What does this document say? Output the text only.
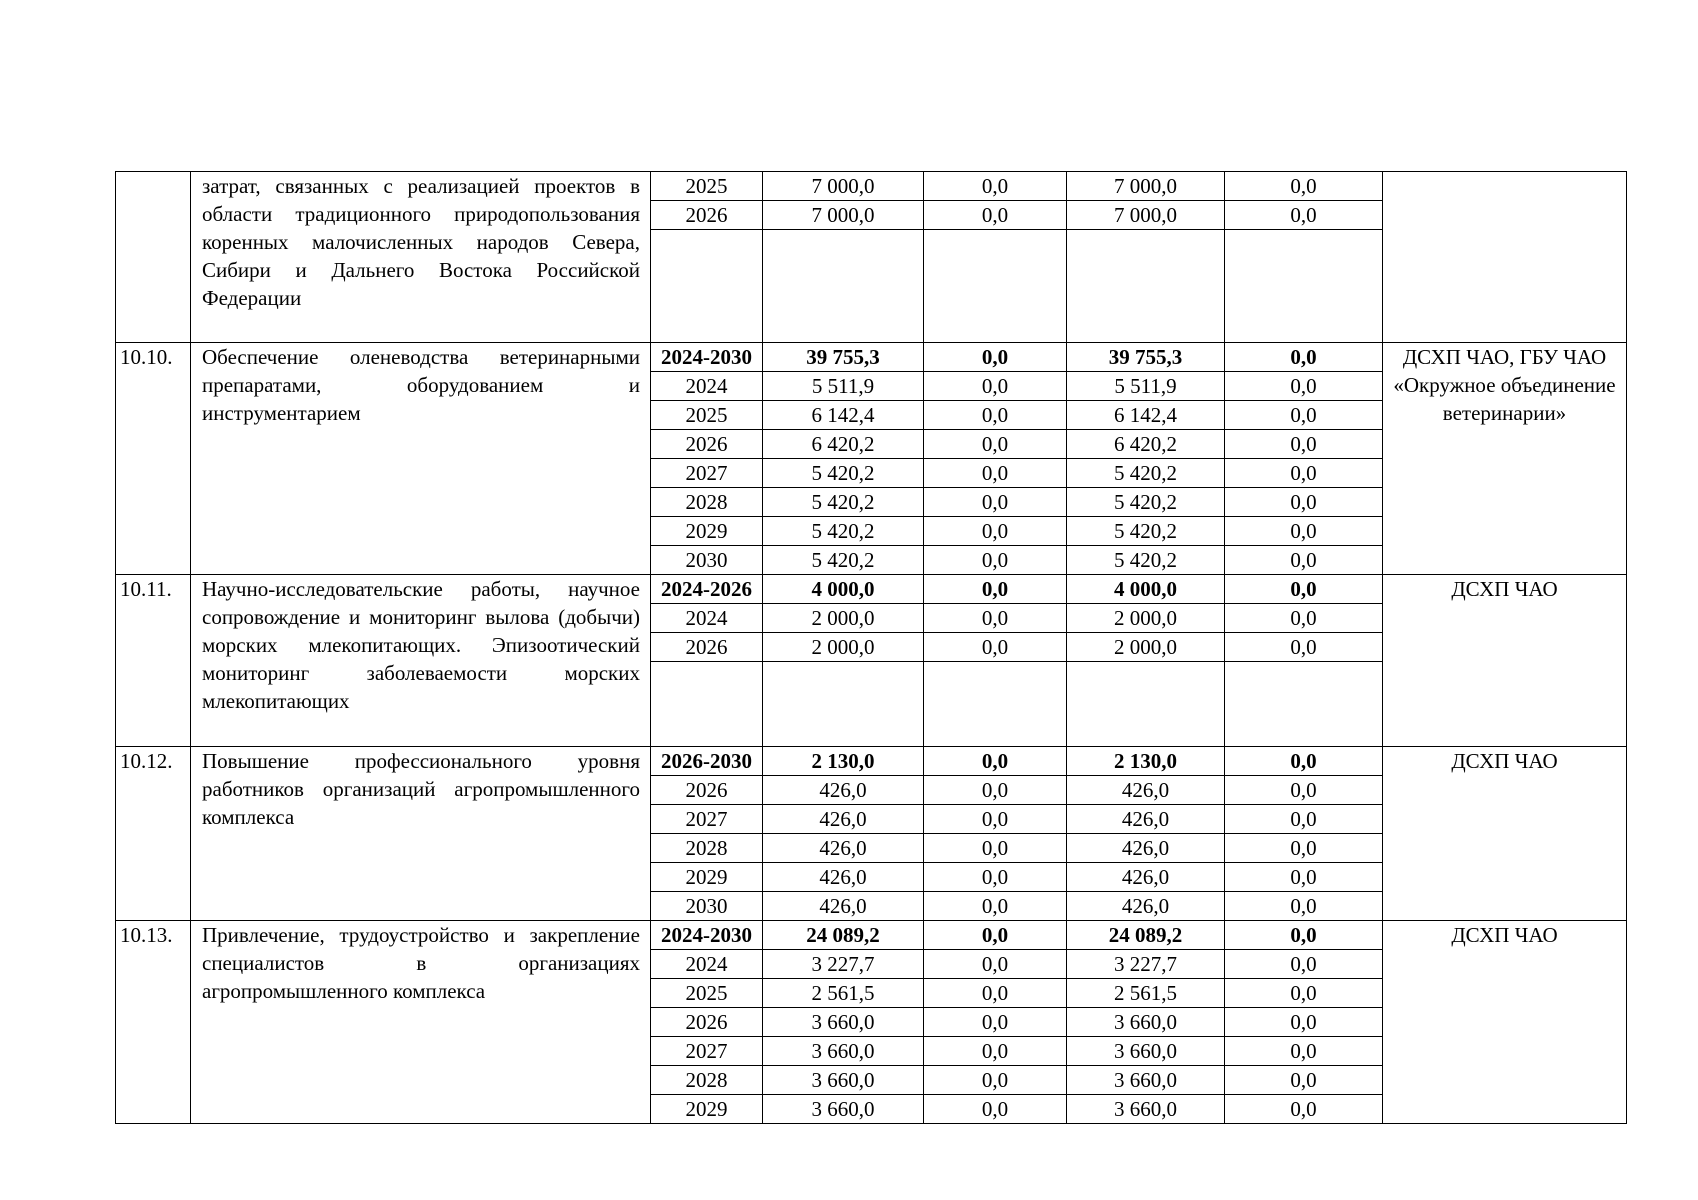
	затрат, связанных с реализацией проектов в области традиционного природопользования коренных малочисленных народов Севера, Сибири и Дальнего Востока Российской Федерации	2025	7 000,0	0,0	7 000,0	0,0	
		2026	7 000,0	0,0	7 000,0	0,0	

10.10.	Обеспечение оленеводства ветеринарными препаратами, оборудованием и инструментарием	2024-2030	39 755,3	0,0	39 755,3	0,0	ДСХП ЧАО, ГБУ ЧАО «Окружное объединение ветеринарии»
		2024	5 511,9	0,0	5 511,9	0,0	
		2025	6 142,4	0,0	6 142,4	0,0	
		2026	6 420,2	0,0	6 420,2	0,0	
		2027	5 420,2	0,0	5 420,2	0,0	
		2028	5 420,2	0,0	5 420,2	0,0	
		2029	5 420,2	0,0	5 420,2	0,0	
		2030	5 420,2	0,0	5 420,2	0,0	
10.11.	Научно-исследовательские работы, научное сопровождение и мониторинг вылова (добычи) морских млекопитающих. Эпизоотический мониторинг заболеваемости морских млекопитающих	2024-2026	4 000,0	0,0	4 000,0	0,0	ДСХП ЧАО
		2024	2 000,0	0,0	2 000,0	0,0	
		2026	2 000,0	0,0	2 000,0	0,0	

10.12.	Повышение профессионального уровня работников организаций агропромышленного комплекса	2026-2030	2 130,0	0,0	2 130,0	0,0	ДСХП ЧАО
		2026	426,0	0,0	426,0	0,0	
		2027	426,0	0,0	426,0	0,0	
		2028	426,0	0,0	426,0	0,0	
		2029	426,0	0,0	426,0	0,0	
		2030	426,0	0,0	426,0	0,0	
10.13.	Привлечение, трудоустройство и закрепление специалистов в организациях агропромышленного комплекса	2024-2030	24 089,2	0,0	24 089,2	0,0	ДСХП ЧАО
		2024	3 227,7	0,0	3 227,7	0,0	
		2025	2 561,5	0,0	2 561,5	0,0	
		2026	3 660,0	0,0	3 660,0	0,0	
		2027	3 660,0	0,0	3 660,0	0,0	
		2028	3 660,0	0,0	3 660,0	0,0	
		2029	3 660,0	0,0	3 660,0	0,0	
